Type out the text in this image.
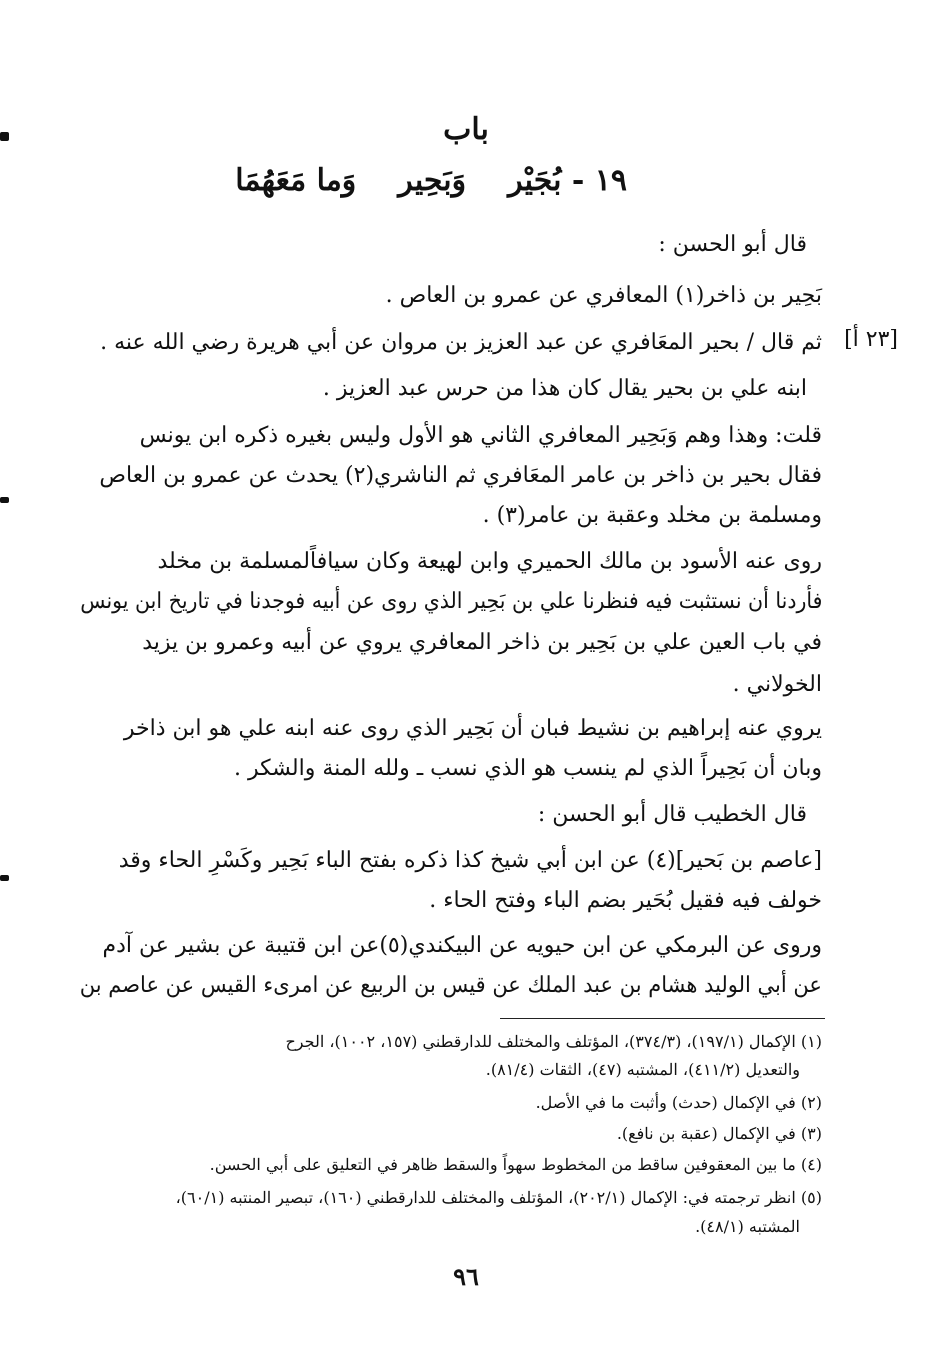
باب
١٩ - بُجَيْروَبَحِيروَما مَعَهُمَا
[٢٣ أ]
قال أبو الحسن :
بَحِير بن ذاخر(١) المعافري عن عمرو بن العاص .
ثم قال / بحير المعَافري عن عبد العزيز بن مروان عن أبي هريرة رضي الله عنه .
ابنه علي بن بحير يقال كان هذا من حرس عبد العزيز .
قلت: وهذا وهم وَبَحِير المعافري الثاني هو الأول وليس بغيره ذكره ابن يونس
فقال بحير بن ذاخر بن عامر المعَافري ثم الناشري(٢) يحدث عن عمرو بن العاص
ومسلمة بن مخلد وعقبة بن عامر(٣) .
روى عنه الأسود بن مالك الحميري وابن لهيعة وكان سيافاًلمسلمة بن مخلد
فأردنا أن نستثبت فيه فنظرنا علي بن بَحِير الذي روى عن أبيه فوجدنا في تاريخ ابن يونس
في باب العين علي بن بَحِير بن ذاخر المعافري يروي عن أبيه وعمرو بن يزيد
الخولاني .
يروي عنه إبراهيم بن نشيط فبان أن بَحِير الذي روى عنه ابنه علي هو ابن ذاخر
وبان أن بَحِيراً الذي لم ينسب هو الذي نسب ـ ولله المنة والشكر .
قال الخطيب قال أبو الحسن :
[عاصم بن بَحير](٤) عن ابن أبي شيخ كذا ذكره بفتح الباء بَحِير وكَسْرِ الحاء وقد
خولف فيه فقيل بُحَير بضم الباء وفتح الحاء .
وروى عن البرمكي عن ابن حيويه عن البيكندي(٥)عن ابن قتيبة عن بشير عن آدم
عن أبي الوليد هشام بن عبد الملك عن قيس بن الربيع عن امرىء القيس عن عاصم بن
(١) الإكمال (١٩٧/١)، (٣٧٤/٣)، المؤتلف والمختلف للدارقطني (١٥٧، ١٠٠٢)، الجرح
والتعديل (٤١١/٢)، المشتبه (٤٧)، الثقات (٨١/٤).
(٢) في الإكمال (حدث) وأثبت ما في الأصل.
(٣) في الإكمال (عقبة بن نافع).
(٤) ما بين المعقوفين ساقط من المخطوط سهواً والسقط ظاهر في التعليق على أبي الحسن.
(٥) انظر ترجمته في: الإكمال (٢٠٢/١)، المؤتلف والمختلف للدارقطني (١٦٠)، تبصير المنتبه (٦٠/١)،
المشتبه (٤٨/١).
٩٦
